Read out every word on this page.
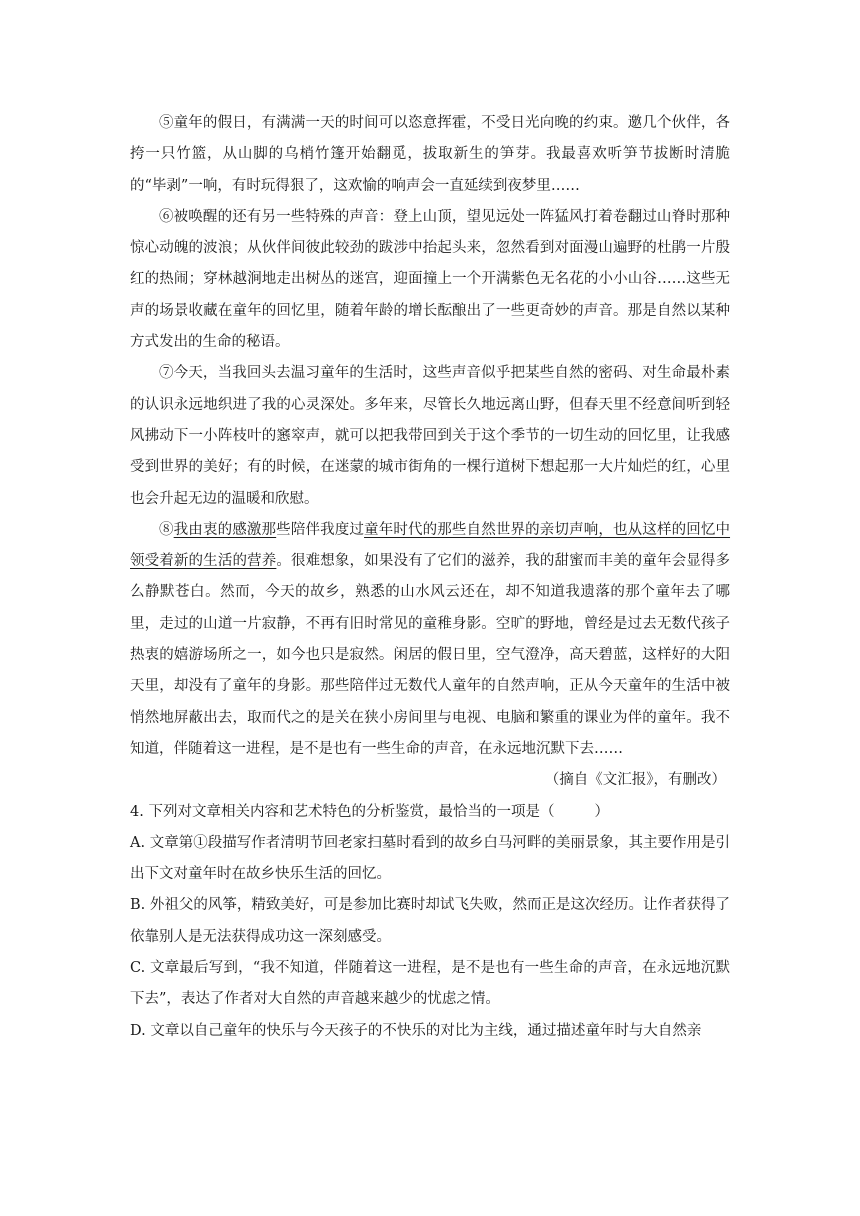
⑤童年的假日，有满满一天的时间可以恣意挥霍，不受日光向晚的约束。邀几个伙伴，各挎一只竹篮，从山脚的乌梢竹篷开始翻觅，拔取新生的笋芽。我最喜欢听笋节拔断时清脆的“毕剥”一响，有时玩得狠了，这欢愉的响声会一直延续到夜梦里……

⑥被唤醒的还有另一些特殊的声音：登上山顶，望见远处一阵猛风打着卷翻过山脊时那种惊心动魄的波浪；从伙伴间彼此较劲的跋涉中抬起头来，忽然看到对面漫山遍野的杜鹃一片殷红的热闹；穿林越涧地走出树丛的迷宫，迎面撞上一个开满紫色无名花的小小山谷……这些无声的场景收藏在童年的回忆里，随着年龄的增长酝酿出了一些更奇妙的声音。那是自然以某种方式发出的生命的秘语。

⑦今天，当我回头去温习童年的生活时，这些声音似乎把某些自然的密码、对生命最朴素的认识永远地织进了我的心灵深处。多年来，尽管长久地远离山野，但春天里不经意间听到轻风拂动下一小阵枝叶的窸窣声，就可以把我带回到关于这个季节的一切生动的回忆里，让我感受到世界的美好；有的时候，在迷蒙的城市街角的一棵行道树下想起那一大片灿烂的红，心里也会升起无边的温暖和欣慰。

⑧我由衷的感激那些陪伴我度过童年时代的那些自然世界的亲切声响，也从这样的回忆中领受着新的生活的营养。很难想象，如果没有了它们的滋养，我的甜蜜而丰美的童年会显得多么静默苍白。然而，今天的故乡，熟悉的山水风云还在，却不知道我遗落的那个童年去了哪里，走过的山道一片寂静，不再有旧时常见的童稚身影。空旷的野地，曾经是过去无数代孩子热衷的嬉游场所之一，如今也只是寂然。闲居的假日里，空气澄净，高天碧蓝，这样好的大阳天里，却没有了童年的身影。那些陪伴过无数代人童年的自然声响，正从今天童年的生活中被悄然地屏蔽出去，取而代之的是关在狭小房间里与电视、电脑和繁重的课业为伴的童年。我不知道，伴随着这一进程，是不是也有一些生命的声音，在永远地沉默下去……

（摘自《文汇报》，有删改）

4. 下列对文章相关内容和艺术特色的分析鉴赏，最恰当的一项是（	）

A. 文章第①段描写作者清明节回老家扫墓时看到的故乡白马河畔的美丽景象，其主要作用是引出下文对童年时在故乡快乐生活的回忆。

B. 外祖父的风筝，精致美好，可是参加比赛时却试飞失败，然而正是这次经历。让作者获得了依靠别人是无法获得成功这一深刻感受。

C. 文章最后写到，“我不知道，伴随着这一进程，是不是也有一些生命的声音，在永远地沉默下去”，表达了作者对大自然的声音越来越少的忧虑之情。

D. 文章以自己童年的快乐与今天孩子的不快乐的对比为主线，通过描述童年时与大自然亲
